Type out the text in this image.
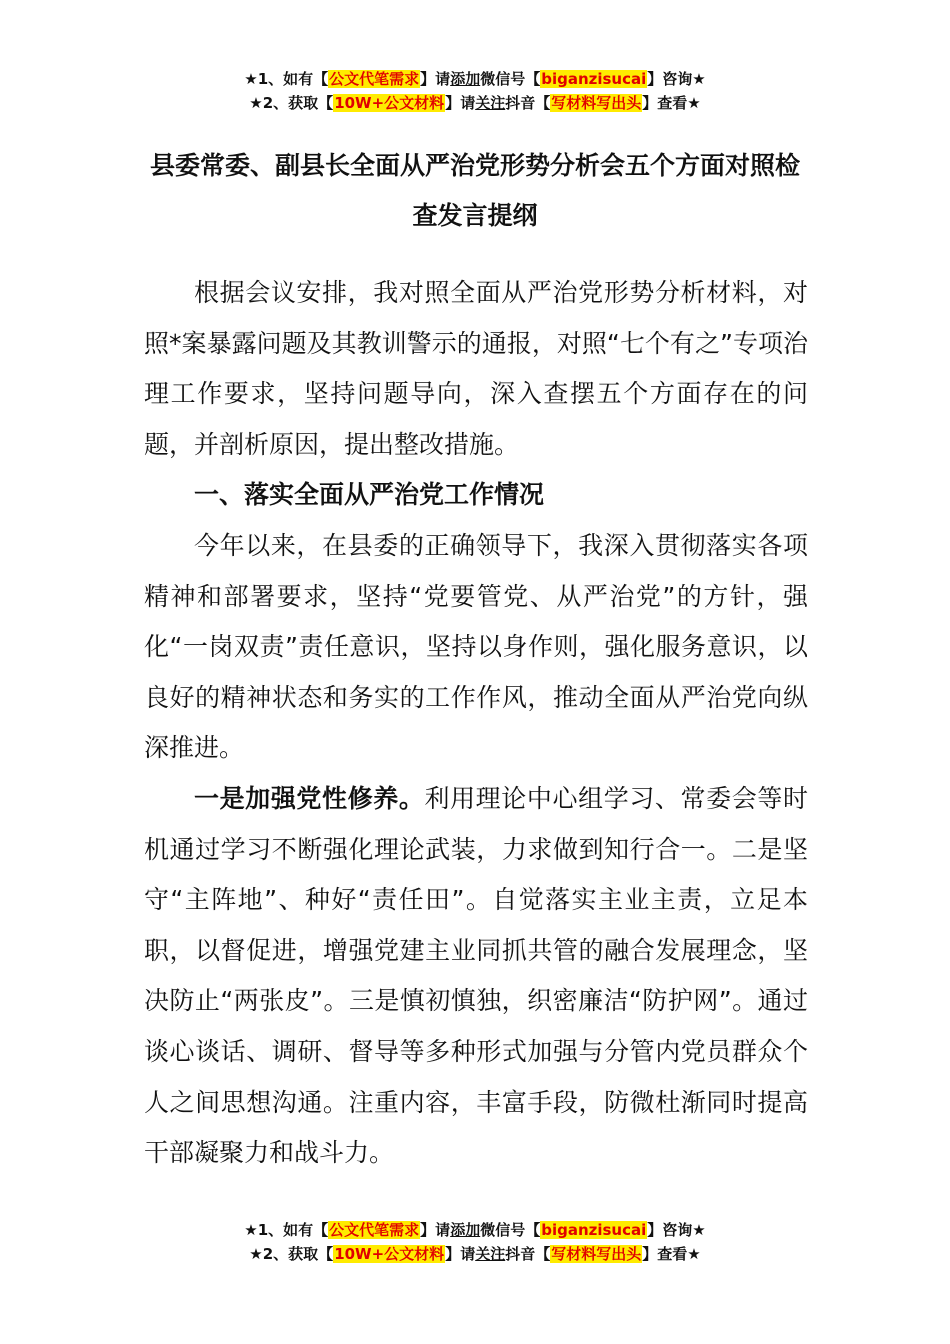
★1、如有【公文代笔需求】请添加微信号【biganzisucai】咨询★
★2、获取【10W+公文材料】请关注抖音【写材料写出头】查看★
县委常委、副县长全面从严治党形势分析会五个方面对照检查发言提纲

根据会议安排，我对照全面从严治党形势分析材料，对照*案暴露问题及其教训警示的通报，对照“七个有之”专项治理工作要求，坚持问题导向，深入查摆五个方面存在的问题，并剖析原因，提出整改措施。

一、落实全面从严治党工作情况

今年以来，在县委的正确领导下，我深入贯彻落实各项精神和部署要求，坚持“党要管党、从严治党”的方针，强化“一岗双责”责任意识，坚持以身作则，强化服务意识，以良好的精神状态和务实的工作作风，推动全面从严治党向纵深推进。

一是加强党性修养。利用理论中心组学习、常委会等时机通过学习不断强化理论武装，力求做到知行合一。二是坚守“主阵地”、种好“责任田”。自觉落实主业主责，立足本职，以督促进，增强党建主业同抓共管的融合发展理念，坚决防止“两张皮”。三是慎初慎独，织密廉洁“防护网”。通过谈心谈话、调研、督导等多种形式加强与分管内党员群众个人之间思想沟通。注重内容，丰富手段，防微杜渐同时提高干部凝聚力和战斗力。

★1、如有【公文代笔需求】请添加微信号【biganzisucai】咨询★
★2、获取【10W+公文材料】请关注抖音【写材料写出头】查看★
